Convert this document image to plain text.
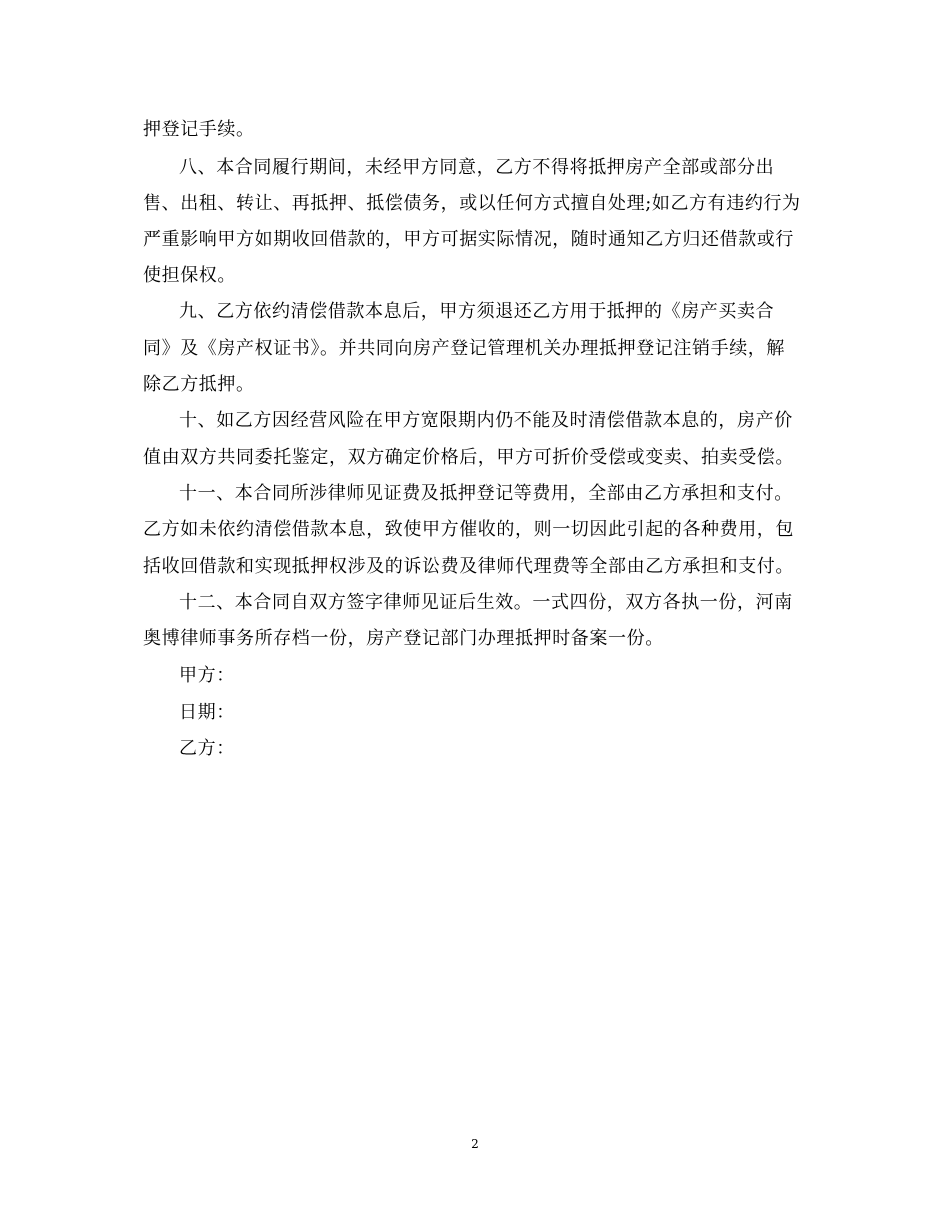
押登记手续。
八、本合同履行期间，未经甲方同意，乙方不得将抵押房产全部或部分出
售、出租、转让、再抵押、抵偿债务，或以任何方式擅自处理;如乙方有违约行为
严重影响甲方如期收回借款的，甲方可据实际情况，随时通知乙方归还借款或行
使担保权。
九、乙方依约清偿借款本息后，甲方须退还乙方用于抵押的《房产买卖合
同》及《房产权证书》。并共同向房产登记管理机关办理抵押登记注销手续，解
除乙方抵押。
十、如乙方因经营风险在甲方宽限期内仍不能及时清偿借款本息的，房产价
值由双方共同委托鉴定，双方确定价格后，甲方可折价受偿或变卖、拍卖受偿。
十一、本合同所涉律师见证费及抵押登记等费用，全部由乙方承担和支付。
乙方如未依约清偿借款本息，致使甲方催收的，则一切因此引起的各种费用，包
括收回借款和实现抵押权涉及的诉讼费及律师代理费等全部由乙方承担和支付。
十二、本合同自双方签字律师见证后生效。一式四份，双方各执一份，河南
奥博律师事务所存档一份，房产登记部门办理抵押时备案一份。
甲方：
日期：
乙方：
2
